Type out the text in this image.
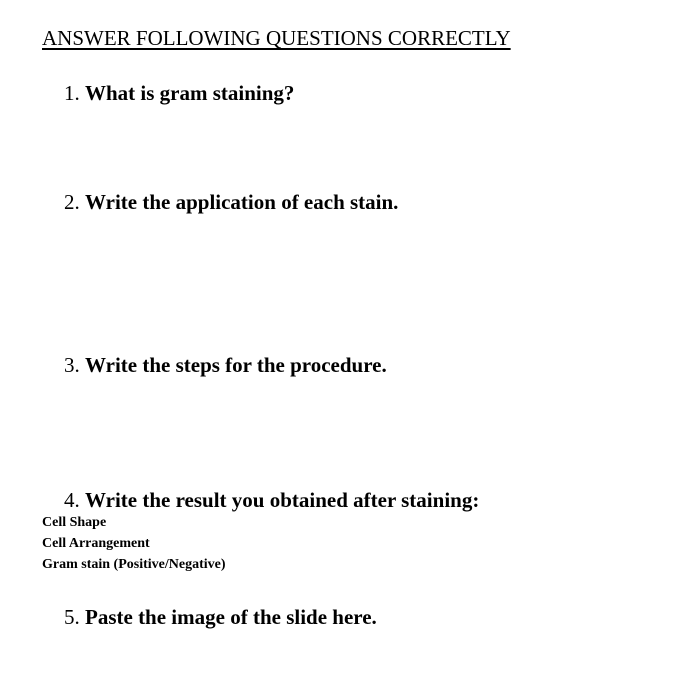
ANSWER FOLLOWING QUESTIONS CORRECTLY
1. What is gram staining?
2. Write the application of each stain.
3. Write the steps for the procedure.
4. Write the result you obtained after staining:
Cell Shape
Cell Arrangement
Gram stain (Positive/Negative)
5. Paste the image of the slide here.
